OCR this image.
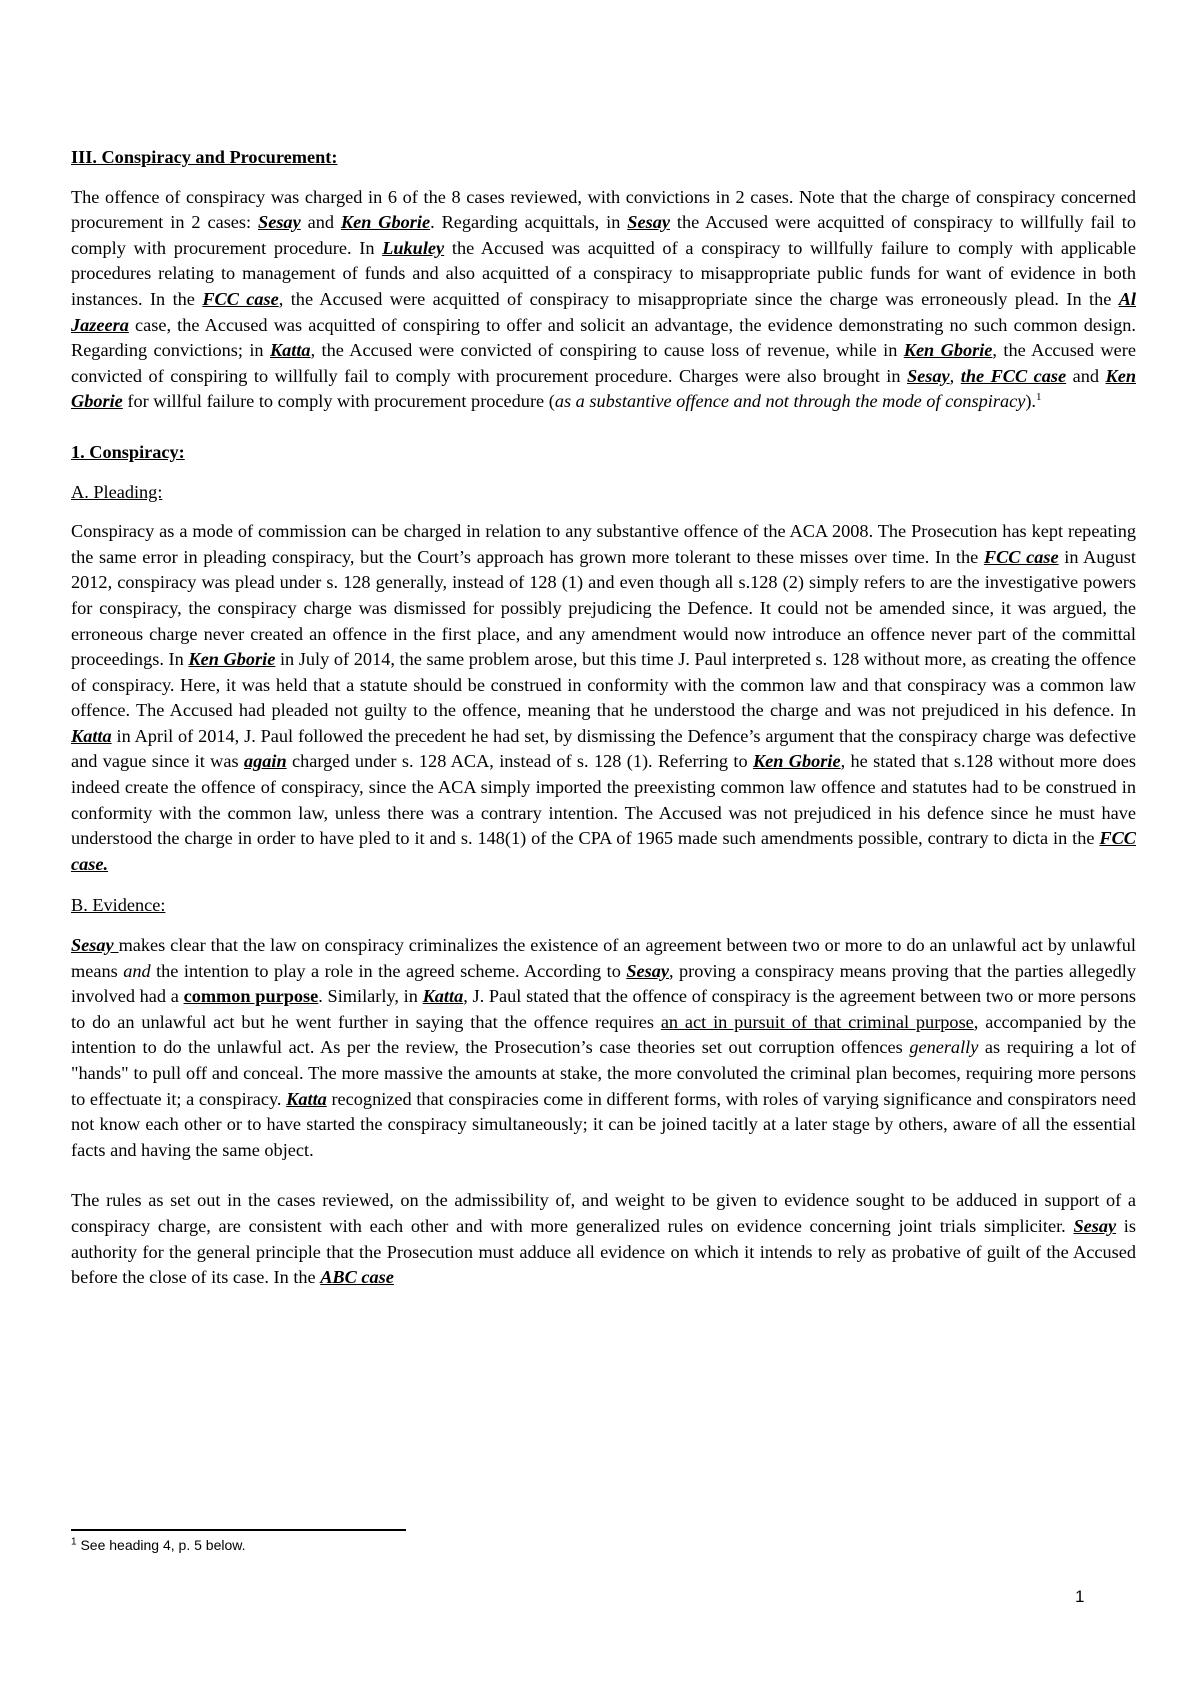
III. Conspiracy and Procurement:

The offence of conspiracy was charged in 6 of the 8 cases reviewed, with convictions in 2 cases. Note that the charge of conspiracy concerned procurement in 2 cases: Sesay and Ken Gborie. Regarding acquittals, in Sesay the Accused were acquitted of conspiracy to willfully fail to comply with procurement procedure. In Lukuley the Accused was acquitted of a conspiracy to willfully failure to comply with applicable procedures relating to management of funds and also acquitted of a conspiracy to misappropriate public funds for want of evidence in both instances. In the FCC case, the Accused were acquitted of conspiracy to misappropriate since the charge was erroneously plead. In the Al Jazeera case, the Accused was acquitted of conspiring to offer and solicit an advantage, the evidence demonstrating no such common design. Regarding convictions; in Katta, the Accused were convicted of conspiring to cause loss of revenue, while in Ken Gborie, the Accused were convicted of conspiring to willfully fail to comply with procurement procedure. Charges were also brought in Sesay, the FCC case and Ken Gborie for willful failure to comply with procurement procedure (as a substantive offence and not through the mode of conspiracy).$^1$

1. Conspiracy:
A. Pleading:

Conspiracy as a mode of commission can be charged in relation to any substantive offence of the ACA 2008. The Prosecution has kept repeating the same error in pleading conspiracy, but the Court’s approach has grown more tolerant to these misses over time. In the FCC case in August 2012, conspiracy was plead under s. 128 generally, instead of 128 (1) and even though all s.128 (2) simply refers to are the investigative powers for conspiracy, the conspiracy charge was dismissed for possibly prejudicing the Defence. It could not be amended since, it was argued, the erroneous charge never created an offence in the first place, and any amendment would now introduce an offence never part of the committal proceedings. In Ken Gborie in July of 2014, the same problem arose, but this time J. Paul interpreted s. 128 without more, as creating the offence of conspiracy. Here, it was held that a statute should be construed in conformity with the common law and that conspiracy was a common law offence. The Accused had pleaded not guilty to the offence, meaning that he understood the charge and was not prejudiced in his defence. In Katta in April of 2014, J. Paul followed the precedent he had set, by dismissing the Defence’s argument that the conspiracy charge was defective and vague since it was again charged under s. 128 ACA, instead of s. 128 (1). Referring to Ken Gborie, he stated that s.128 without more does indeed create the offence of conspiracy, since the ACA simply imported the preexisting common law offence and statutes had to be construed in conformity with the common law, unless there was a contrary intention. The Accused was not prejudiced in his defence since he must have understood the charge in order to have pled to it and s. 148(1) of the CPA of 1965 made such amendments possible, contrary to dicta in the FCC case.

B. Evidence:

Sesay makes clear that the law on conspiracy criminalizes the existence of an agreement between two or more to do an unlawful act by unlawful means and the intention to play a role in the agreed scheme. According to Sesay, proving a conspiracy means proving that the parties allegedly involved had a common purpose. Similarly, in Katta, J. Paul stated that the offence of conspiracy is the agreement between two or more persons to do an unlawful act but he went further in saying that the offence requires an act in pursuit of that criminal purpose, accompanied by the intention to do the unlawful act. As per the review, the Prosecution’s case theories set out corruption offences generally as requiring a lot of "hands" to pull off and conceal. The more massive the amounts at stake, the more convoluted the criminal plan becomes, requiring more persons to effectuate it; a conspiracy. Katta recognized that conspiracies come in different forms, with roles of varying significance and conspirators need not know each other or to have started the conspiracy simultaneously; it can be joined tacitly at a later stage by others, aware of all the essential facts and having the same object.

The rules as set out in the cases reviewed, on the admissibility of, and weight to be given to evidence sought to be adduced in support of a conspiracy charge, are consistent with each other and with more generalized rules on evidence concerning joint trials simpliciter. Sesay is authority for the general principle that the Prosecution must adduce all evidence on which it intends to rely as probative of guilt of the Accused before the close of its case. In the ABC case

$^1$ See heading 4, p. 5 below.
1
